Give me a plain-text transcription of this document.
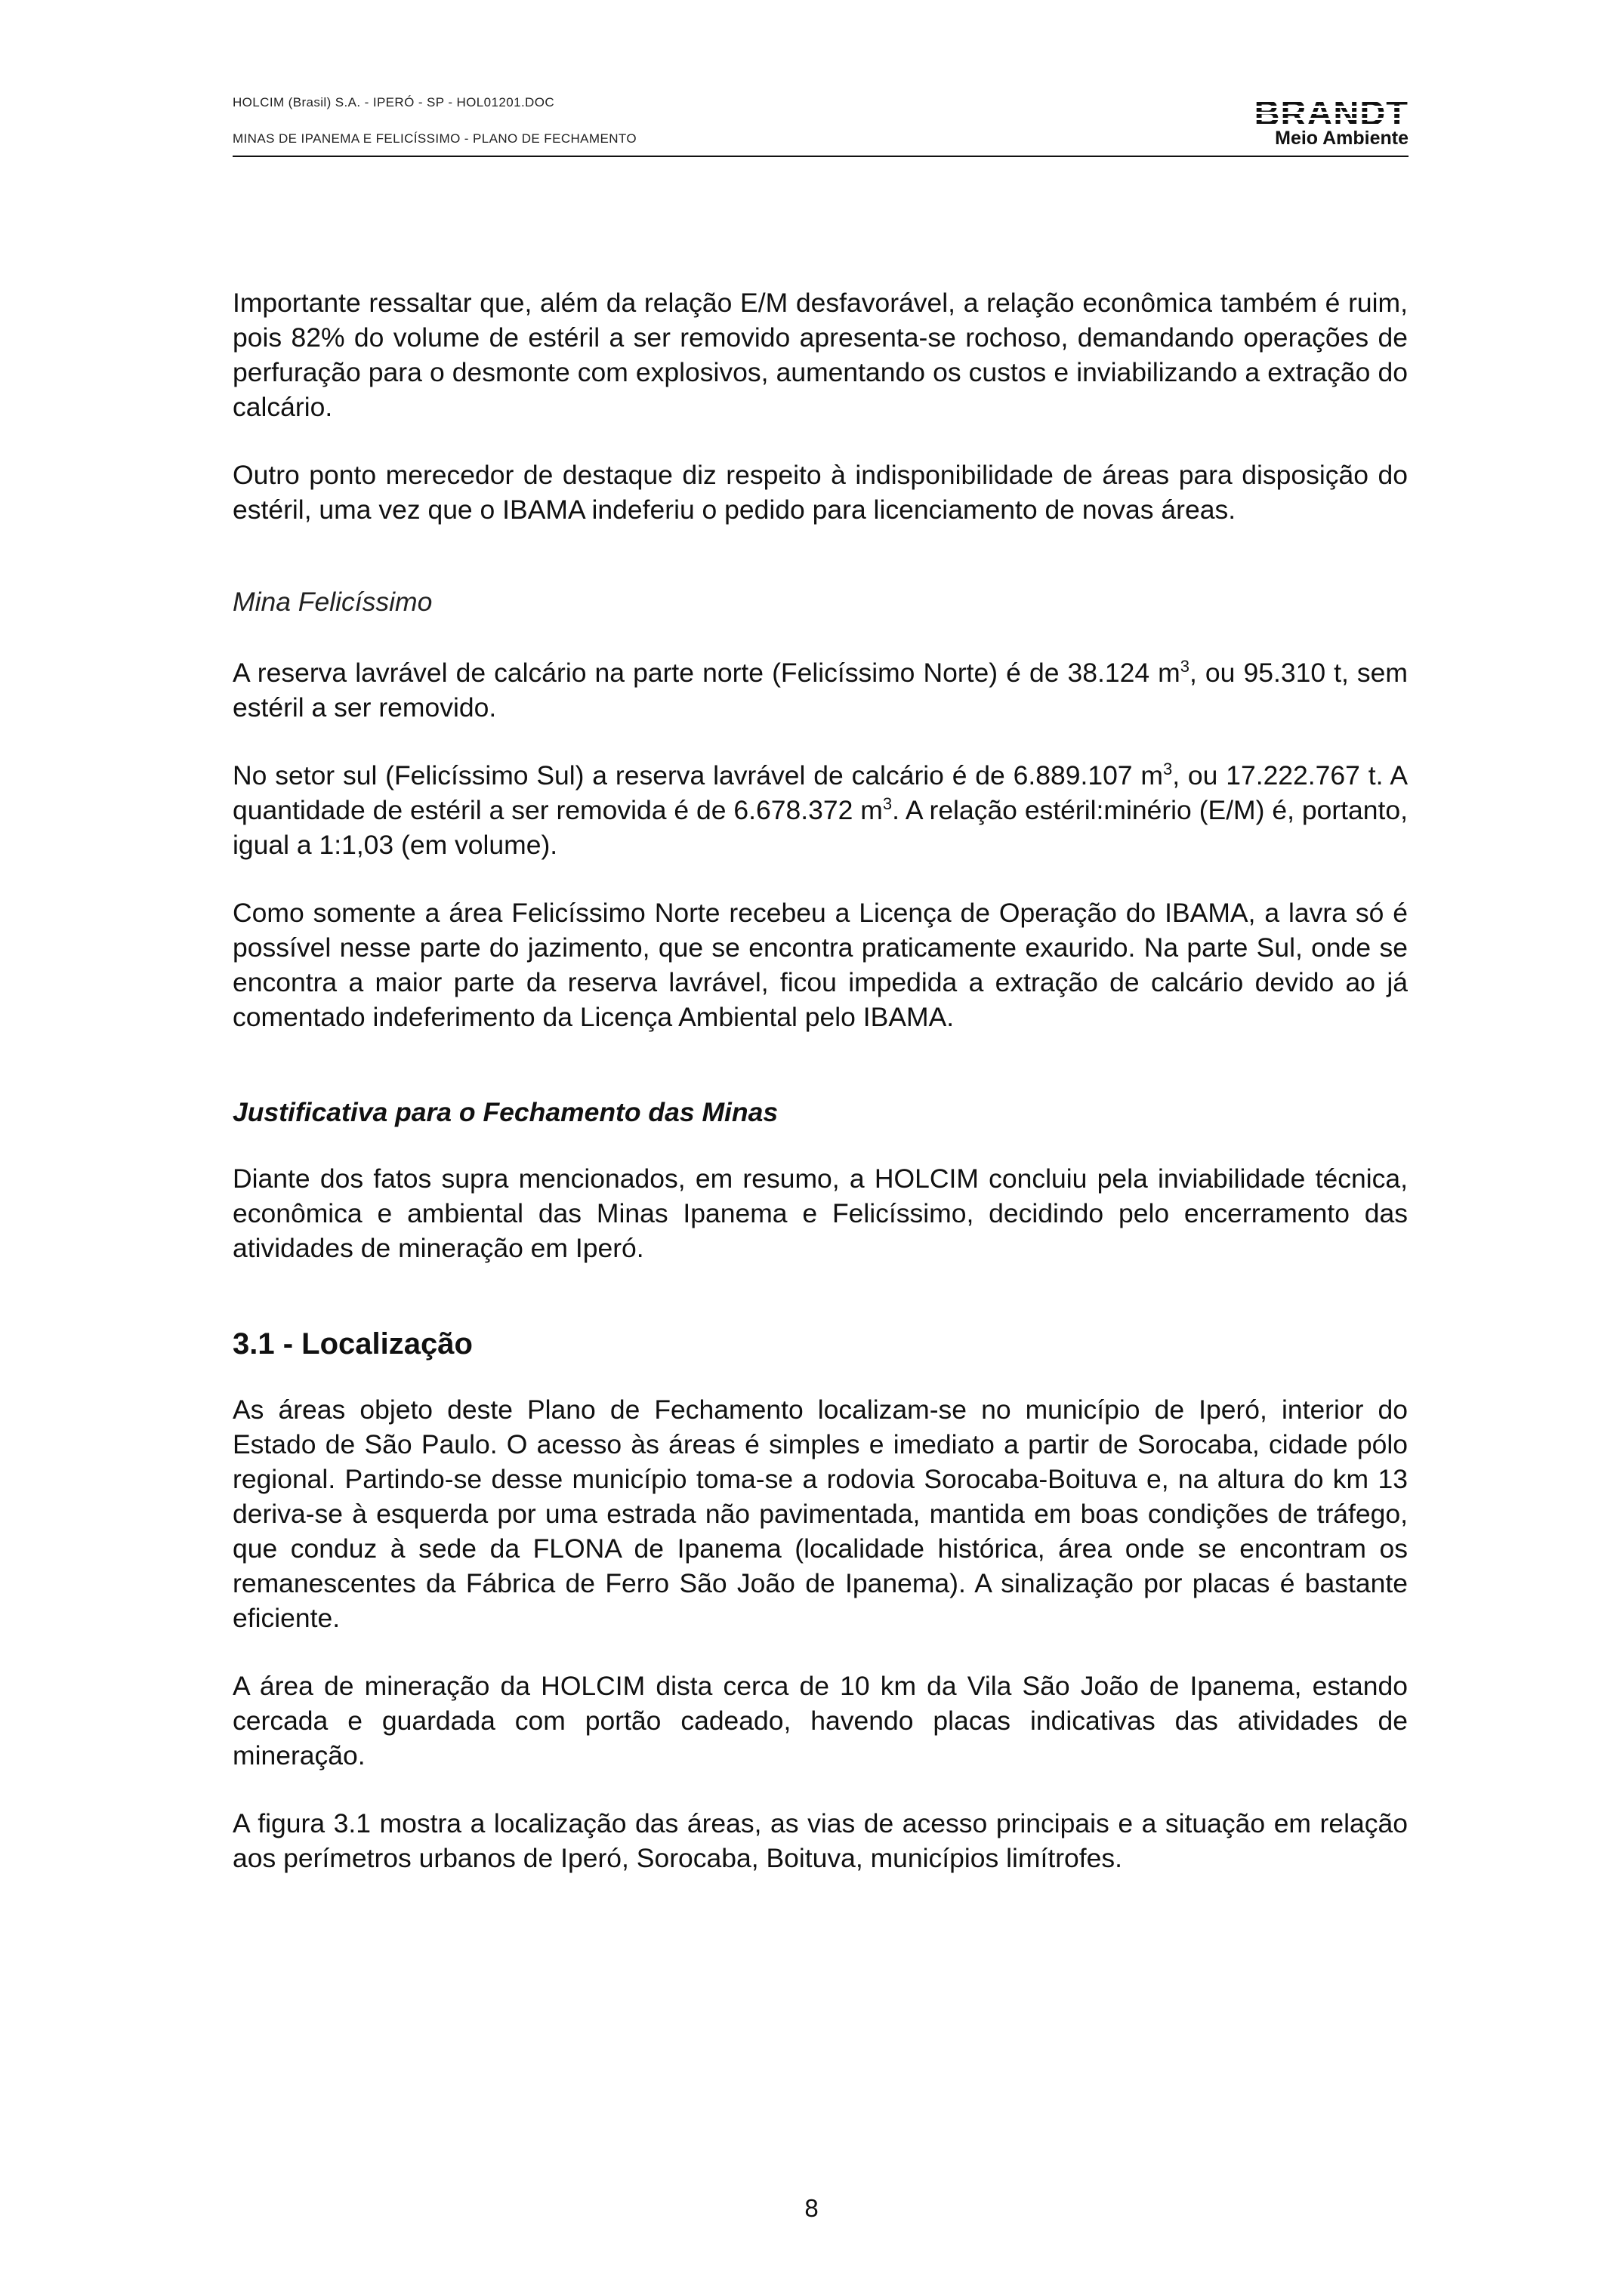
HOLCIM (Brasil) S.A. - IPERÓ - SP - HOL01201.DOC
MINAS DE IPANEMA E FELICÍSSIMO - PLANO DE FECHAMENTO
BRANDT
Meio Ambiente

Importante ressaltar que, além da relação E/M desfavorável, a relação econômica também é ruim, pois 82% do volume de estéril a ser removido apresenta-se rochoso, demandando operações de perfuração para o desmonte com explosivos, aumentando os custos e inviabilizando a extração do calcário.

Outro ponto merecedor de destaque diz respeito à indisponibilidade de áreas para disposição do estéril, uma vez que o IBAMA indeferiu o pedido para licenciamento de novas áreas.

Mina Felicíssimo

A reserva lavrável de calcário na parte norte (Felicíssimo Norte) é de 38.124 $m^3$, ou 95.310 t, sem estéril a ser removido.

No setor sul (Felicíssimo Sul) a reserva lavrável de calcário é de 6.889.107 $m^3$, ou 17.222.767 t. A quantidade de estéril a ser removida é de 6.678.372 $m^3$. A relação estéril:minério (E/M) é, portanto, igual a 1:1,03 (em volume).

Como somente a área Felicíssimo Norte recebeu a Licença de Operação do IBAMA, a lavra só é possível nesse parte do jazimento, que se encontra praticamente exaurido. Na parte Sul, onde se encontra a maior parte da reserva lavrável, ficou impedida a extração de calcário devido ao já comentado indeferimento da Licença Ambiental pelo IBAMA.

Justificativa para o Fechamento das Minas

Diante dos fatos supra mencionados, em resumo, a HOLCIM concluiu pela inviabilidade técnica, econômica e ambiental das Minas Ipanema e Felicíssimo, decidindo pelo encerramento das atividades de mineração em Iperó.

3.1 - Localização

As áreas objeto deste Plano de Fechamento localizam-se no município de Iperó, interior do Estado de São Paulo. O acesso às áreas é simples e imediato a partir de Sorocaba, cidade pólo regional. Partindo-se desse município toma-se a rodovia Sorocaba-Boituva e, na altura do km 13 deriva-se à esquerda por uma estrada não pavimentada, mantida em boas condições de tráfego, que conduz à sede da FLONA de Ipanema (localidade histórica, área onde se encontram os remanescentes da Fábrica de Ferro São João de Ipanema). A sinalização por placas é bastante eficiente.

A área de mineração da HOLCIM dista cerca de 10 km da Vila São João de Ipanema, estando cercada e guardada com portão cadeado, havendo placas indicativas das atividades de mineração.

A figura 3.1 mostra a localização das áreas, as vias de acesso principais e a situação em relação aos perímetros urbanos de Iperó, Sorocaba, Boituva, municípios limítrofes.

8
